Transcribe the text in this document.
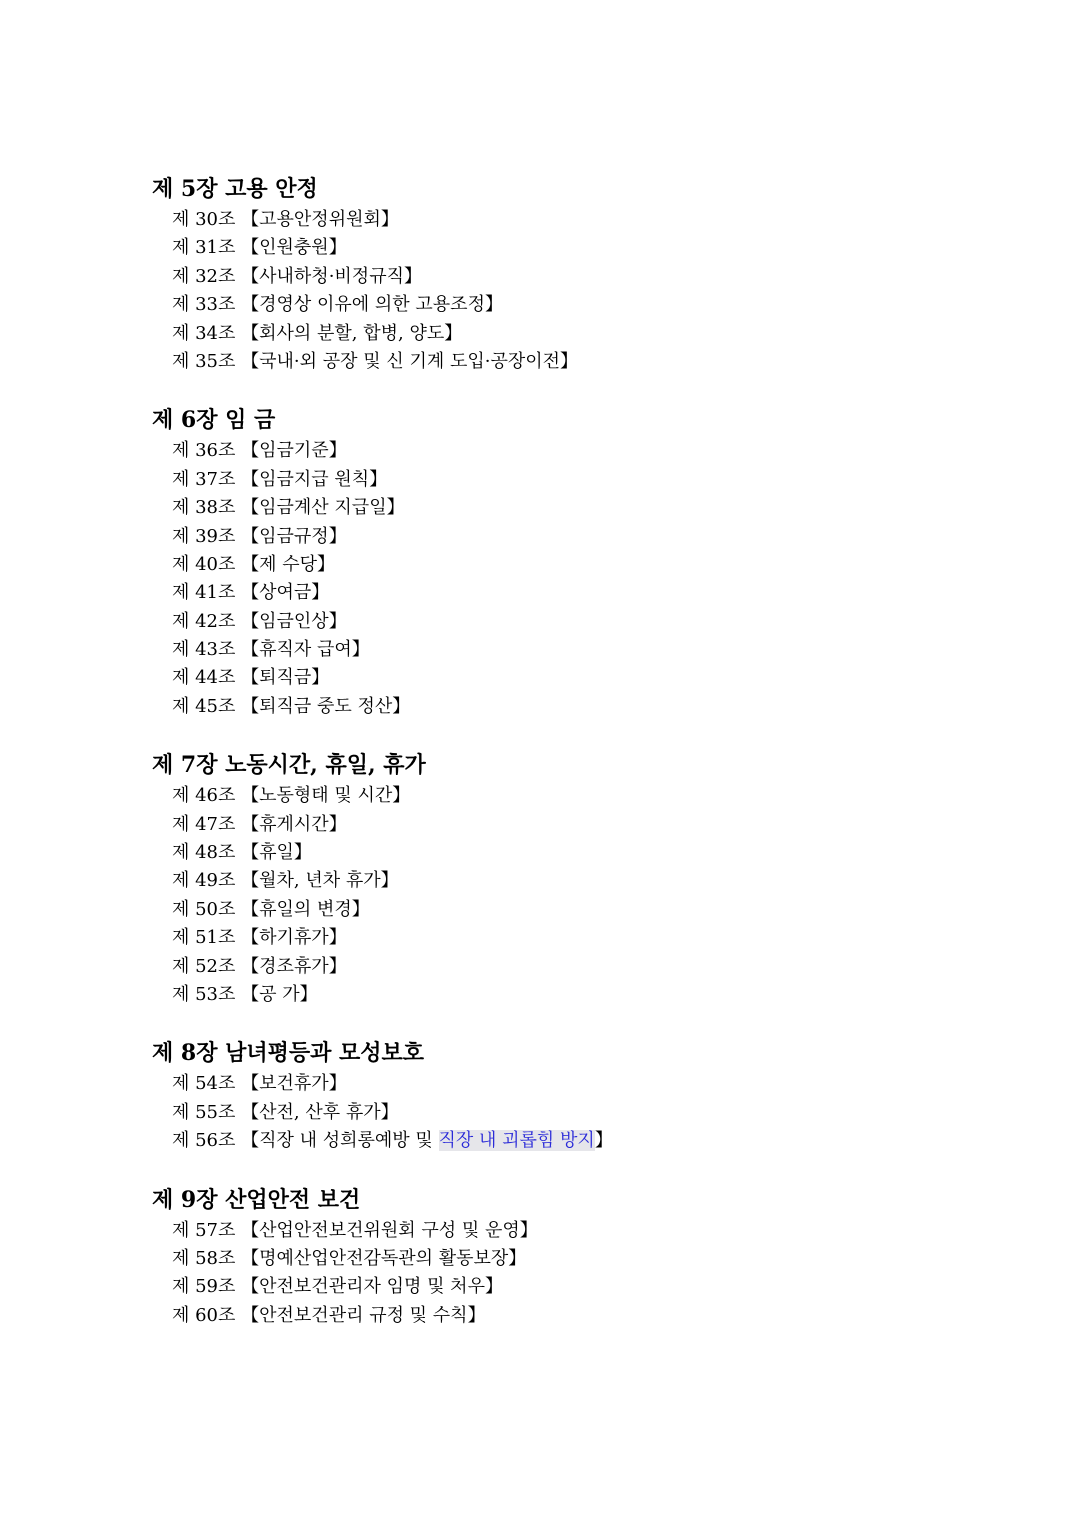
제 5장 고용 안정
제 30조 【고용안정위원회】
제 31조 【인원충원】
제 32조 【사내하청·비정규직】
제 33조 【경영상 이유에 의한 고용조정】
제 34조 【회사의 분할, 합병, 양도】
제 35조 【국내·외 공장 및 신 기계 도입·공장이전】
제 6장 임 금
제 36조 【임금기준】
제 37조 【임금지급 원칙】
제 38조 【임금계산 지급일】
제 39조 【임금규정】
제 40조 【제 수당】
제 41조 【상여금】
제 42조 【임금인상】
제 43조 【휴직자 급여】
제 44조 【퇴직금】
제 45조 【퇴직금 중도 정산】
제 7장 노동시간, 휴일, 휴가
제 46조 【노동형태 및 시간】
제 47조 【휴게시간】
제 48조 【휴일】
제 49조 【월차, 년차 휴가】
제 50조 【휴일의 변경】
제 51조 【하기휴가】
제 52조 【경조휴가】
제 53조 【공 가】
제 8장 남녀평등과 모성보호
제 54조 【보건휴가】
제 55조 【산전, 산후 휴가】
제 56조 【직장 내 성희롱예방 및 직장 내 괴롭힘 방지】
제 9장 산업안전 보건
제 57조 【산업안전보건위원회 구성 및 운영】
제 58조 【명예산업안전감독관의 활동보장】
제 59조 【안전보건관리자 임명 및 처우】
제 60조 【안전보건관리 규정 및 수칙】
